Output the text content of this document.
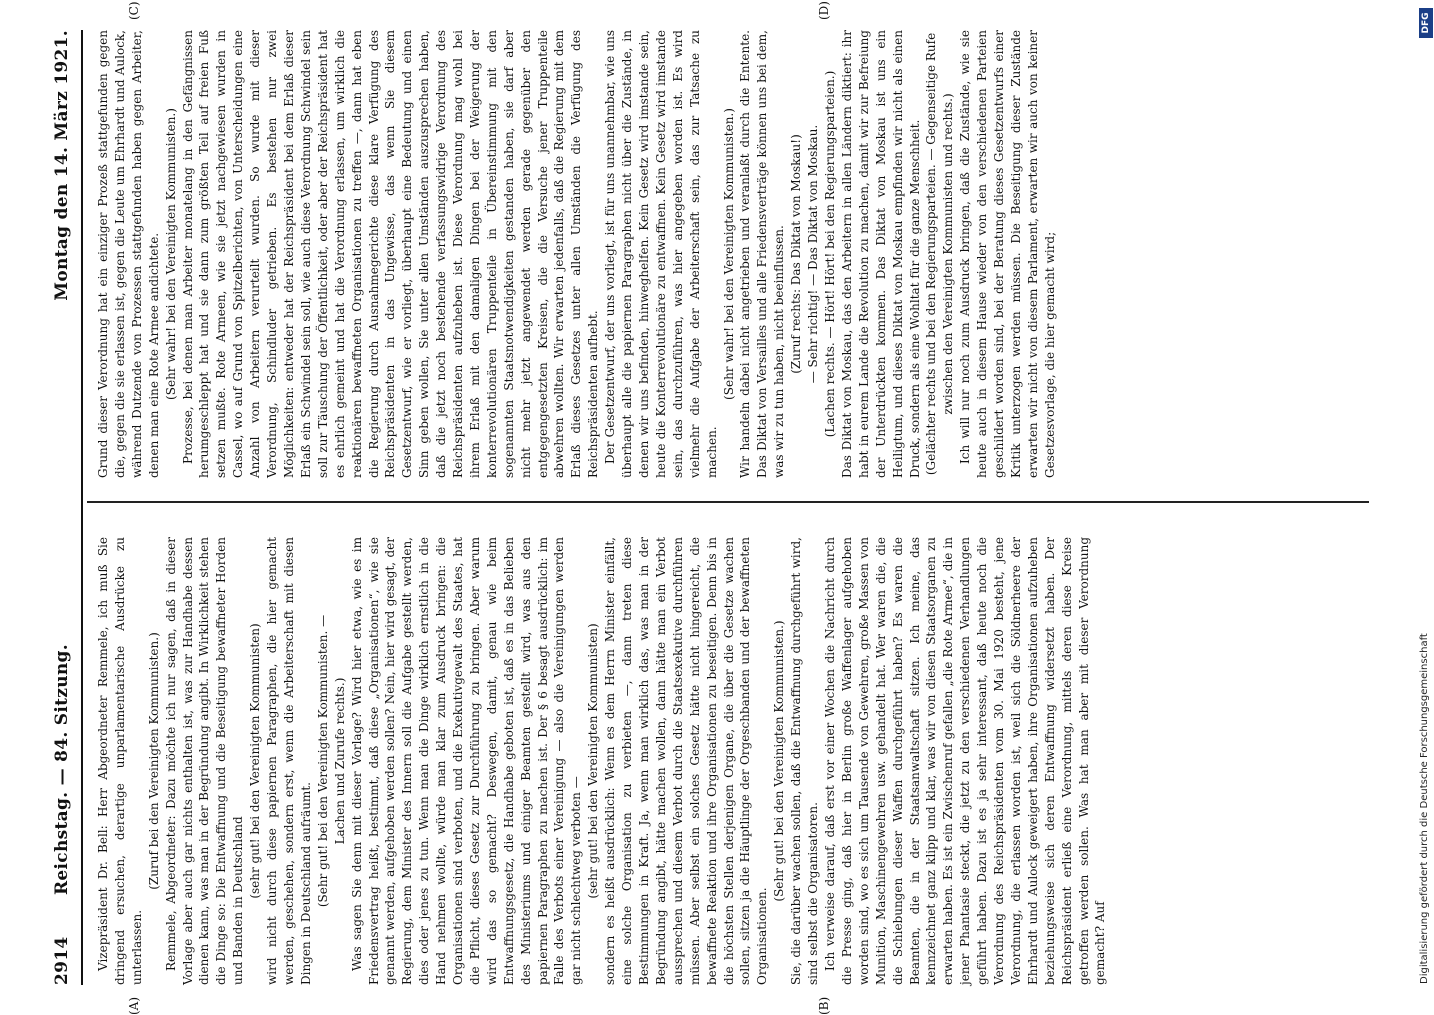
2914
Reichstag. — 84. Sitzung.
Montag den 14. März 1921.

Vizepräsident Dr. Bell: Herr Abgeordneter Remmele, ich muß Sie dringend ersuchen, derartige unparlamentarische Ausdrücke zu unterlassen.

(Zuruf bei den Vereinigten Kommunisten.) Remmele, Abgeordneter: Dazu möchte ich nur sagen, daß in dieser Vorlage aber auch gar nichts enthalten ist, was zur Handhabe dessen dienen kann, was man in der Begründung angibt. In Wirklichkeit stehen die Dinge so: Die Entwaffnung und die Beseitigung bewaffneter Horden und Banden in Deutschland

(sehr gut! bei den Vereinigten Kommunisten) wird nicht durch diese papiernen Paragraphen, die hier gemacht werden, geschehen, sondern erst, wenn die Arbeiterschaft mit diesen Dingen in Deutschland aufräumt. (Sehr gut! bei den Vereinigten Kommunisten. — Lachen und Zurufe rechts.) Was sagen Sie denn mit dieser Vorlage? Wird hier etwa, wie es im Friedensvertrag heißt, bestimmt, daß diese „Organisationen“, wie sie genannt werden, aufgehoben werden sollen? Nein, hier wird gesagt, der Regierung, dem Minister des Innern soll die Aufgabe gestellt werden, dies oder jenes zu tun. Wenn man die Dinge wirklich ernstlich in die Hand nehmen wollte, würde man klar zum Ausdruck bringen: die Organisationen sind verboten, und die Exekutivgewalt des Staates, hat die Pflicht, dieses Gesetz zur Durchführung zu bringen. Aber warum wird das so gemacht? Deswegen, damit, genau wie beim Entwaffnungsgesetz, die Handhabe geboten ist, daß es in das Belieben des Ministeriums und einiger Beamten gestellt wird, was aus den papiernen Paragraphen zu machen ist. Der § 6 besagt ausdrücklich: im Falle des Verbots einer Vereinigung — also die Vereinigungen werden gar nicht schlechtweg verboten — (sehr gut! bei den Vereinigten Kommunisten) sondern es heißt ausdrücklich: Wenn es dem Herrn Minister einfällt, eine solche Organisation zu verbieten —, dann treten diese Bestimmungen in Kraft. Ja, wenn man wirklich das, was man in der Begründung angibt, hätte machen wollen, dann hätte man ein Verbot aussprechen und diesem Verbot durch die Staatsexekutive durchführen müssen. Aber selbst ein solches Gesetz hätte nicht hingereicht, die bewaffnete Reaktion und ihre Organisationen zu beseitigen. Denn bis in die höchsten Stellen derjenigen Organe, die über die Gesetze wachen sollen, sitzen ja die Häuptlinge der Orgeschbanden und der bewaffneten Organisationen.

(Sehr gut! bei den Vereinigten Kommunisten.) Sie, die darüber wachen sollen, daß die Entwaffnung durchgeführt wird, sind selbst die Organisatoren. Ich verweise darauf, daß erst vor einer Wochen die Nachricht durch die Presse ging, daß hier in Berlin große Waffenlager aufgehoben worden sind, wo es sich um Tausende von Gewehren, große Massen von Munition, Maschinengewehren usw. gehandelt hat. Wer waren die, die die Schiebungen dieser Waffen durchgeführt haben? Es waren die Beamten, die in der Staatsanwaltschaft sitzen. Ich meine, das kennzeichnet ganz klipp und klar, was wir von diesen Staatsorganen zu erwarten haben. Es ist ein Zwischenruf gefallen „die Rote Armee“, die in jener Phantasie steckt, die jetzt zu den verschiedenen Verhandlungen geführt haben. Dazu ist es ja sehr interessant, daß heute noch die Verordnung des Reichspräsidenten vom 30. Mai 1920 besteht, jene Verordnung, die erlassen worden ist, weil sich die Söldnerheere der Ehrhardt und Aulock geweigert haben, ihre Organisationen aufzuheben beziehungsweise sich deren Entwaffnung widersetzt haben. Der Reichspräsident erließ eine Verordnung, mittels deren diese Kreise getroffen werden sollen. Was hat man aber mit dieser Verordnung gemacht? Auf

Grund dieser Verordnung hat ein einziger Prozeß stattgefunden gegen die, gegen die sie erlassen ist, gegen die Leute um Ehrhardt und Aulock, während Dutzende von Prozessen stattgefunden haben gegen Arbeiter, denen man eine Rote Armee andichtete. (Sehr wahr! bei den Vereinigten Kommunisten.) Prozesse, bei denen man Arbeiter monatelang in den Gefängnissen herumgeschleppt hat und sie dann zum größten Teil auf freien Fuß setzen mußte. Rote Armeen, wie sie jetzt nachgewiesen wurden in Cassel, wo auf Grund von Spitzelberichten, von Unterscheidungen eine Anzahl von Arbeitern verurteilt wurden. So wurde mit dieser Verordnung, Schindluder getrieben. Es bestehen nur zwei Möglichkeiten: entweder hat der Reichspräsident bei dem Erlaß dieser Erlaß ein Schwindel sein soll, wie auch diese Verordnung Schwindel sein soll zur Täuschung der Öffentlichkeit, oder aber der Reichspräsident hat es ehrlich gemeint und hat die Verordnung erlassen, um wirklich die reaktionären bewaffneten Organisationen zu treffen —, dann hat eben die Regierung durch Ausnahmegerichte diese klare Verfügung des Reichspräsidenten in das Ungewisse, das wenn Sie diesem Gesetzentwurf, wie er vorliegt, überhaupt eine Bedeutung und einen Sinn geben wollen, Sie unter allen Umständen auszusprechen haben, daß die jetzt noch bestehende verfassungswidrige Verordnung des Reichspräsidenten aufzuheben ist. Diese Verordnung mag wohl bei ihrem Erlaß mit den damaligen Dingen bei der Weigerung der konterrevolutionären Truppenteile in Übereinstimmung mit den sogenannten Staatsnotwendigkeiten gestanden haben, sie darf aber nicht mehr jetzt angewendet werden gerade gegenüber den entgegengesetzten Kreisen, die die Versuche jener Truppenteile abwehren wollten. Wir erwarten jedenfalls, daß die Regierung mit dem Erlaß dieses Gesetzes unter allen Umständen die Verfügung des Reichspräsidenten aufhebt. Der Gesetzentwurf, der uns vorliegt, ist für uns unannehmbar, wie uns überhaupt alle die papiernen Paragraphen nicht über die Zustände, in denen wir uns befinden, hinweghelfen. Kein Gesetz wird imstande sein, heute die Konterrevolutionäre zu entwaffnen. Kein Gesetz wird imstande sein, das durchzuführen, was hier angegeben worden ist. Es wird vielmehr die Aufgabe der Arbeiterschaft sein, das zur Tatsache zu machen.

(Sehr wahr! bei den Vereinigten Kommunisten.) Wir handeln dabei nicht angetrieben und veranlaßt durch die Entente. Das Diktat von Versailles und alle Friedensverträge können uns bei dem, was wir zu tun haben, nicht beeinflussen. (Zuruf rechts: Das Diktat von Moskau!) — Sehr richtig! — Das Diktat von Moskau. (Lachen rechts. — Hört! Hört! bei den Regierungsparteien.) Das Diktat von Moskau, das den Arbeitern in allen Ländern diktiert: ihr habt in eurem Lande die Revolution zu machen, damit wir zur Befreiung der Unterdrückten kommen. Das Diktat von Moskau ist uns ein Heiligtum, und dieses Diktat von Moskau empfinden wir nicht als einen Druck, sondern als eine Wohltat für die ganze Menschheit. (Gelächter rechts und bei den Regierungsparteien. — Gegenseitige Rufe zwischen den Vereinigten Kommunisten und rechts.) Ich will nur noch zum Ausdruck bringen, daß die Zustände, wie sie heute auch in diesem Hause wieder von den verschiedenen Parteien geschildert worden sind, bei der Beratung dieses Gesetzentwurfs einer Kritik unterzogen werden müssen. Die Beseitigung dieser Zustände erwarten wir nicht von diesem Parlament, erwarten wir auch von keiner Gesetzesvorlage, die hier gemacht wird;

(A)	(B)
(C)	(D)
DFG
Digitalisierung gefördert durch die Deutsche Forschungsgemeinschaft
